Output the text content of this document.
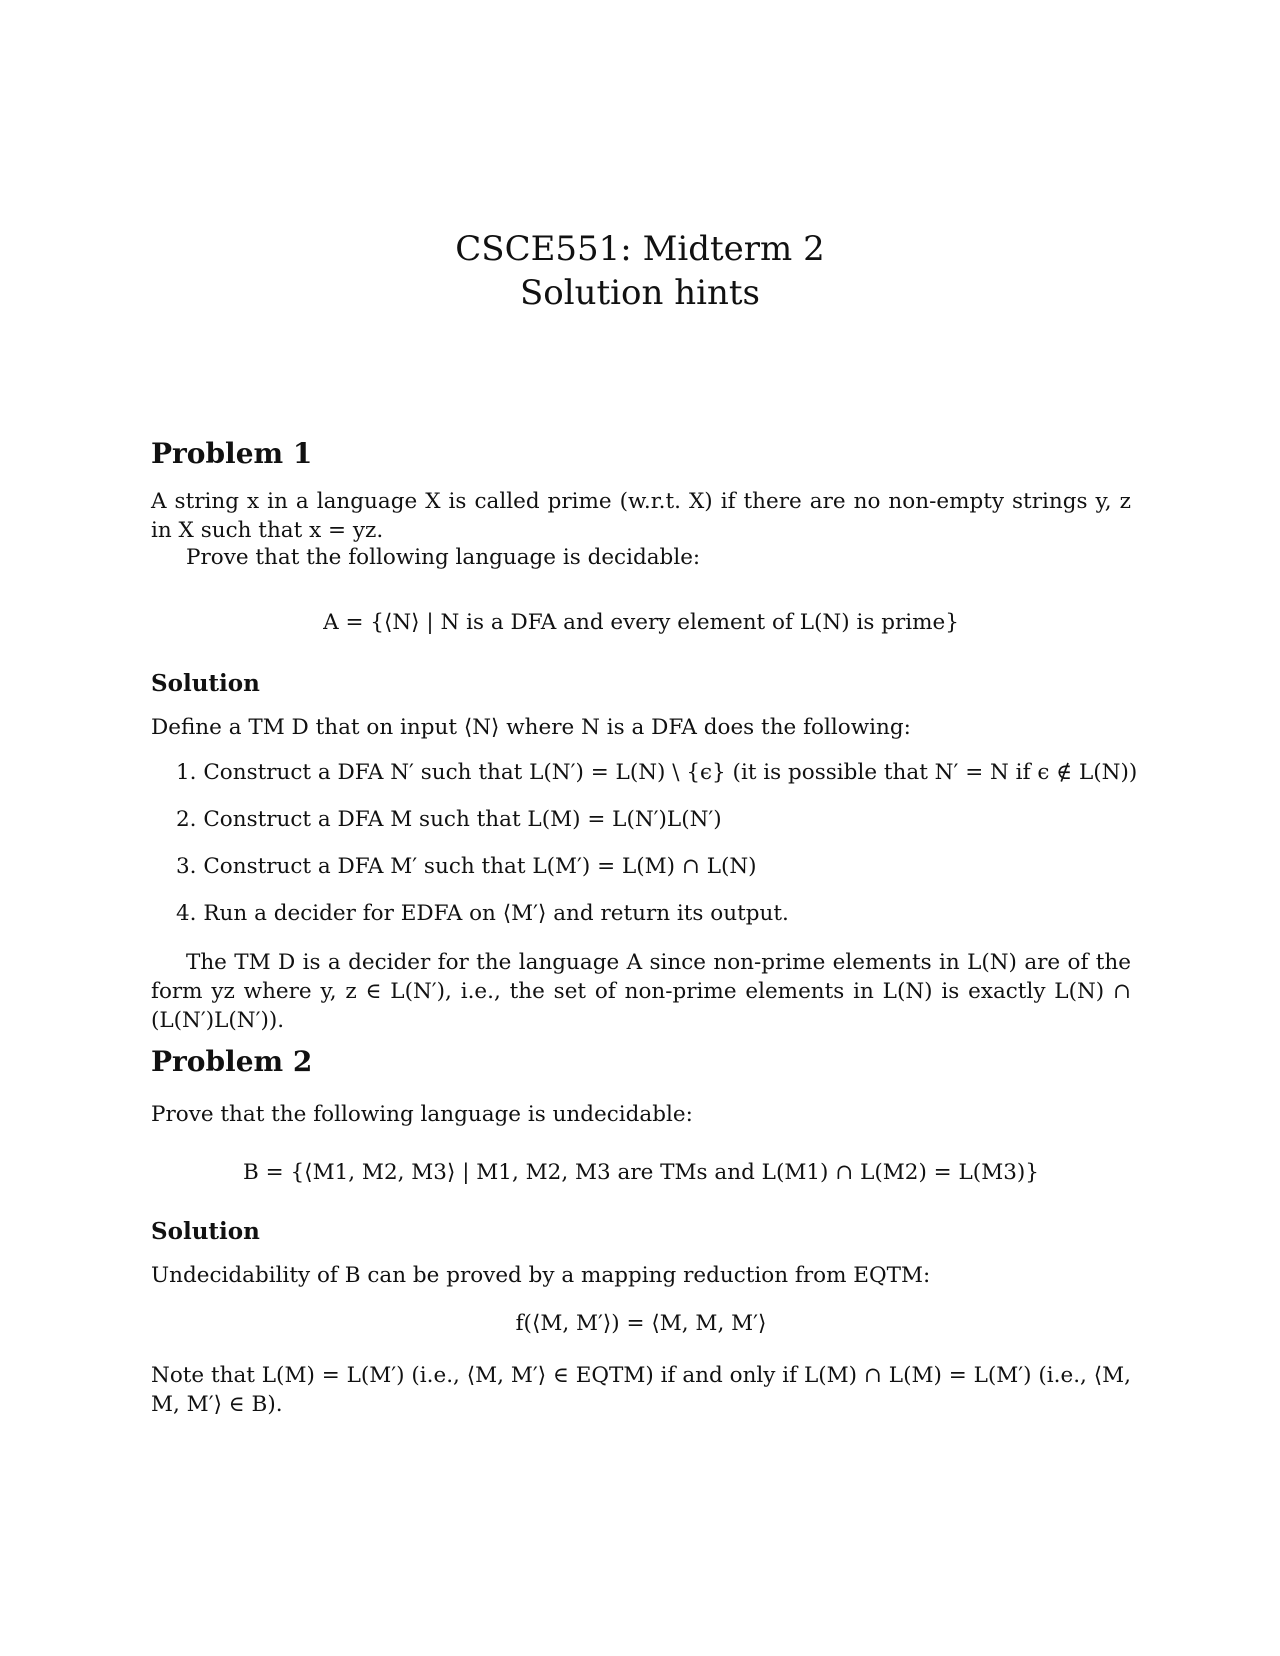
CSCE551: Midterm 2
Solution hints
Problem 1
A string x in a language X is called prime (w.r.t. X) if there are no non-empty strings y, z in X such that x = yz.
Prove that the following language is decidable:
A = {⟨N⟩ | N is a DFA and every element of L(N) is prime}
Solution
Define a TM D that on input ⟨N⟩ where N is a DFA does the following:
1. Construct a DFA N′ such that L(N′) = L(N) \ {ϵ} (it is possible that N′ = N if ϵ ∉ L(N))
2. Construct a DFA M such that L(M) = L(N′)L(N′)
3. Construct a DFA M′ such that L(M′) = L(M) ∩ L(N)
4. Run a decider for EDFA on ⟨M′⟩ and return its output.
The TM D is a decider for the language A since non-prime elements in L(N) are of the form yz where y, z ∈ L(N′), i.e., the set of non-prime elements in L(N) is exactly L(N) ∩ (L(N′)L(N′)).
Problem 2
Prove that the following language is undecidable:
B = {⟨M1, M2, M3⟩ | M1, M2, M3 are TMs and L(M1) ∩ L(M2) = L(M3)}
Solution
Undecidability of B can be proved by a mapping reduction from EQTM:
f(⟨M, M′⟩) = ⟨M, M, M′⟩
Note that L(M) = L(M′) (i.e., ⟨M, M′⟩ ∈ EQTM) if and only if L(M) ∩ L(M) = L(M′) (i.e., ⟨M, M, M′⟩ ∈ B).
